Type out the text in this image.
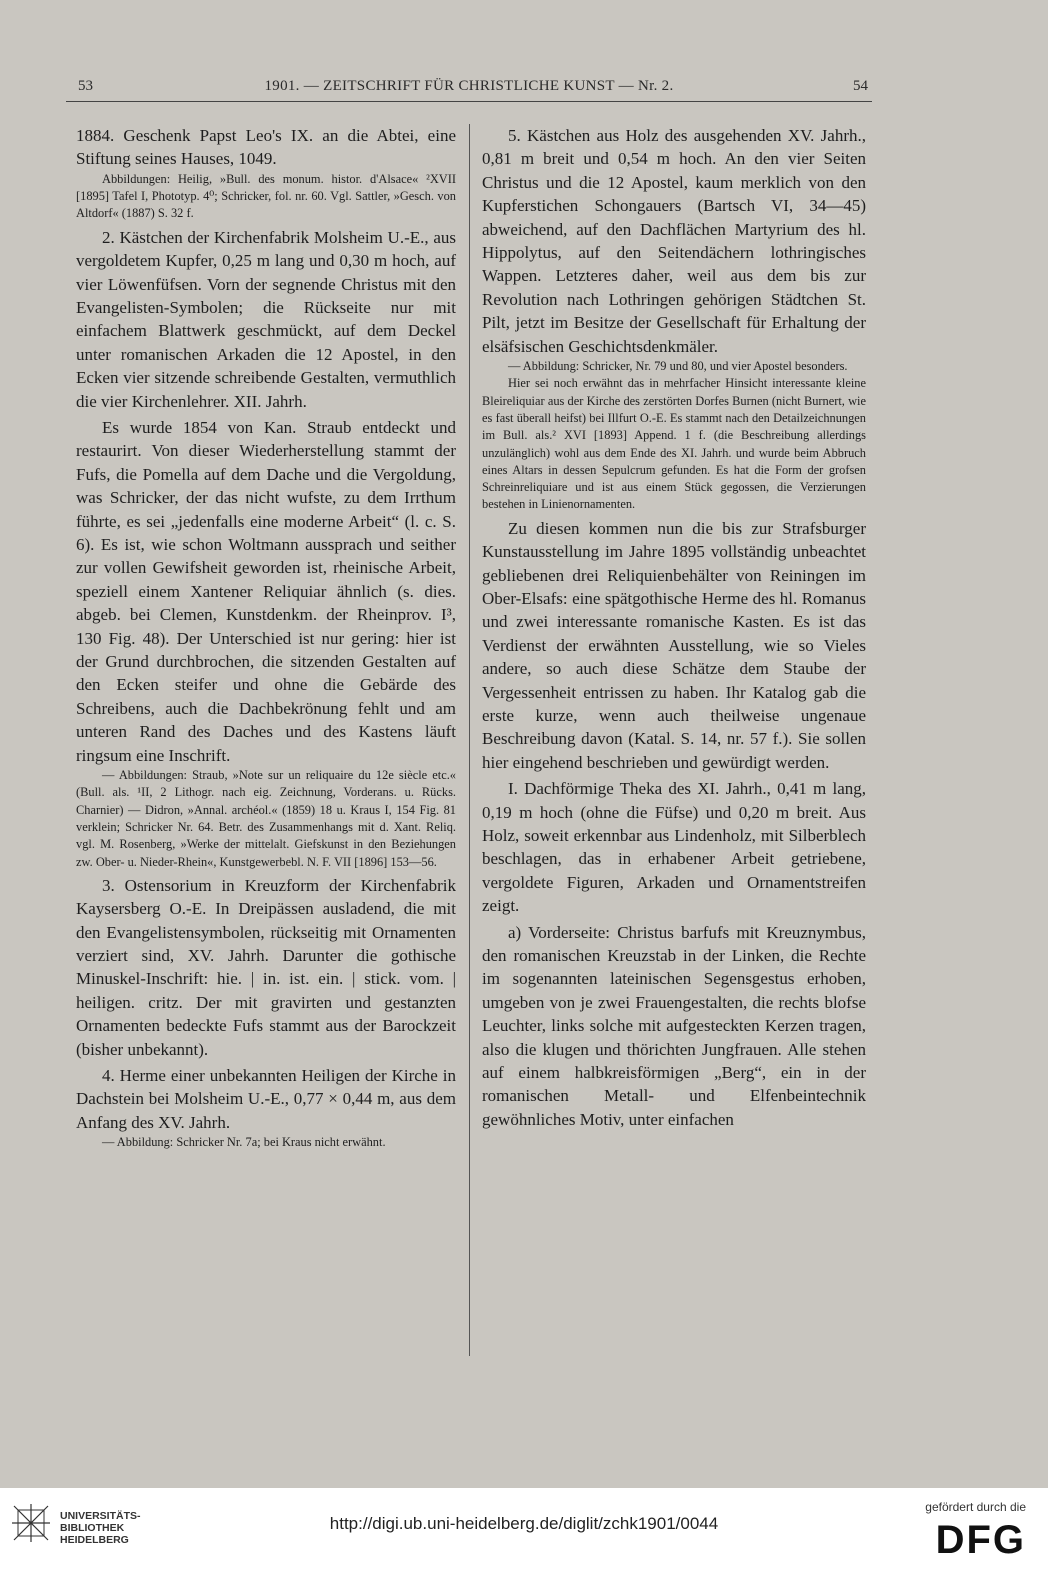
53	1901. — ZEITSCHRIFT FÜR CHRISTLICHE KUNST — Nr. 2.	54

1884. Geschenk Papst Leo's IX. an die Abtei, eine Stiftung seines Hauses, 1049.

Abbildungen: Heilig, »Bull. des monum. histor. d'Alsace« ²XVII [1895] Tafel I, Phototyp. 4⁰; Schricker, fol. nr. 60. Vgl. Sattler, »Gesch. von Altdorf« (1887) S. 32 f.

2. Kästchen der Kirchenfabrik Molsheim U.-E., aus vergoldetem Kupfer, 0,25 m lang und 0,30 m hoch, auf vier Löwenfüfsen. Vorn der segnende Christus mit den Evangelisten-Symbolen; die Rückseite nur mit einfachem Blattwerk geschmückt, auf dem Deckel unter romanischen Arkaden die 12 Apostel, in den Ecken vier sitzende schreibende Gestalten, vermuthlich die vier Kirchenlehrer. XII. Jahrh.

Es wurde 1854 von Kan. Straub entdeckt und restaurirt. Von dieser Wiederherstellung stammt der Fufs, die Pomella auf dem Dache und die Vergoldung, was Schricker, der das nicht wufste, zu dem Irrthum führte, es sei „jedenfalls eine moderne Arbeit“ (l. c. S. 6). Es ist, wie schon Woltmann aussprach und seither zur vollen Gewifsheit geworden ist, rheinische Arbeit, speziell einem Xantener Reliquiar ähnlich (s. dies. abgeb. bei Clemen, Kunstdenkm. der Rheinprov. I³, 130 Fig. 48). Der Unterschied ist nur gering: hier ist der Grund durchbrochen, die sitzenden Gestalten auf den Ecken steifer und ohne die Gebärde des Schreibens, auch die Dachbekrönung fehlt und am unteren Rand des Daches und des Kastens läuft ringsum eine Inschrift.

— Abbildungen: Straub, »Note sur un reliquaire du 12e siècle etc.« (Bull. als. ¹II, 2 Lithogr. nach eig. Zeichnung, Vorderans. u. Rücks. Charnier) — Didron, »Annal. archéol.« (1859) 18 u. Kraus I, 154 Fig. 81 verklein; Schricker Nr. 64. Betr. des Zusammenhangs mit d. Xant. Reliq. vgl. M. Rosenberg, »Werke der mittelalt. Giefskunst in den Beziehungen zw. Ober- u. Nieder-Rhein«, Kunstgewerbebl. N. F. VII [1896] 153—56.

3. Ostensorium in Kreuzform der Kirchenfabrik Kaysersberg O.-E. In Dreipässen ausladend, die mit den Evangelistensymbolen, rückseitig mit Ornamenten verziert sind, XV. Jahrh. Darunter die gothische Minuskel-Inschrift: hie. | in. ist. ein. | stick. vom. | heiligen. critz. Der mit gravirten und gestanzten Ornamenten bedeckte Fufs stammt aus der Barockzeit (bisher unbekannt).

4. Herme einer unbekannten Heiligen der Kirche in Dachstein bei Molsheim U.-E., 0,77 × 0,44 m, aus dem Anfang des XV. Jahrh.

— Abbildung: Schricker Nr. 7a; bei Kraus nicht erwähnt.

5. Kästchen aus Holz des ausgehenden XV. Jahrh., 0,81 m breit und 0,54 m hoch. An den vier Seiten Christus und die 12 Apostel, kaum merklich von den Kupferstichen Schongauers (Bartsch VI, 34—45) abweichend, auf den Dachflächen Martyrium des hl. Hippolytus, auf den Seitendächern lothringisches Wappen. Letzteres daher, weil aus dem bis zur Revolution nach Lothringen gehörigen Städtchen St. Pilt, jetzt im Besitze der Gesellschaft für Erhaltung der elsäfsischen Geschichtsdenkmäler.

— Abbildung: Schricker, Nr. 79 und 80, und vier Apostel besonders.

Hier sei noch erwähnt das in mehrfacher Hinsicht interessante kleine Bleireliquiar aus der Kirche des zerstörten Dorfes Burnen (nicht Burnert, wie es fast überall heifst) bei Illfurt O.-E. Es stammt nach den Detailzeichnungen im Bull. als.² XVI [1893] Append. 1 f. (die Beschreibung allerdings unzulänglich) wohl aus dem Ende des XI. Jahrh. und wurde beim Abbruch eines Altars in dessen Sepulcrum gefunden. Es hat die Form der grofsen Schreinreliquiare und ist aus einem Stück gegossen, die Verzierungen bestehen in Linienornamenten.

Zu diesen kommen nun die bis zur Strafsburger Kunstausstellung im Jahre 1895 vollständig unbeachtet gebliebenen drei Reliquienbehälter von Reiningen im Ober-Elsafs: eine spätgothische Herme des hl. Romanus und zwei interessante romanische Kasten. Es ist das Verdienst der erwähnten Ausstellung, wie so Vieles andere, so auch diese Schätze dem Staube der Vergessenheit entrissen zu haben. Ihr Katalog gab die erste kurze, wenn auch theilweise ungenaue Beschreibung davon (Katal. S. 14, nr. 57 f.). Sie sollen hier eingehend beschrieben und gewürdigt werden.

I. Dachförmige Theka des XI. Jahrh., 0,41 m lang, 0,19 m hoch (ohne die Füfse) und 0,20 m breit. Aus Holz, soweit erkennbar aus Lindenholz, mit Silberblech beschlagen, das in erhabener Arbeit getriebene, vergoldete Figuren, Arkaden und Ornamentstreifen zeigt.

a) Vorderseite: Christus barfufs mit Kreuznymbus, den romanischen Kreuzstab in der Linken, die Rechte im sogenannten lateinischen Segensgestus erhoben, umgeben von je zwei Frauengestalten, die rechts blofse Leuchter, links solche mit aufgesteckten Kerzen tragen, also die klugen und thörichten Jungfrauen. Alle stehen auf einem halbkreisförmigen „Berg“, ein in der romanischen Metall- und Elfenbeintechnik gewöhnliches Motiv, unter einfachen

UNIVERSITÄTS-
BIBLIOTHEK
HEIDELBERG
http://digi.ub.uni-heidelberg.de/diglit/zchk1901/0044
gefördert durch die
DFG
